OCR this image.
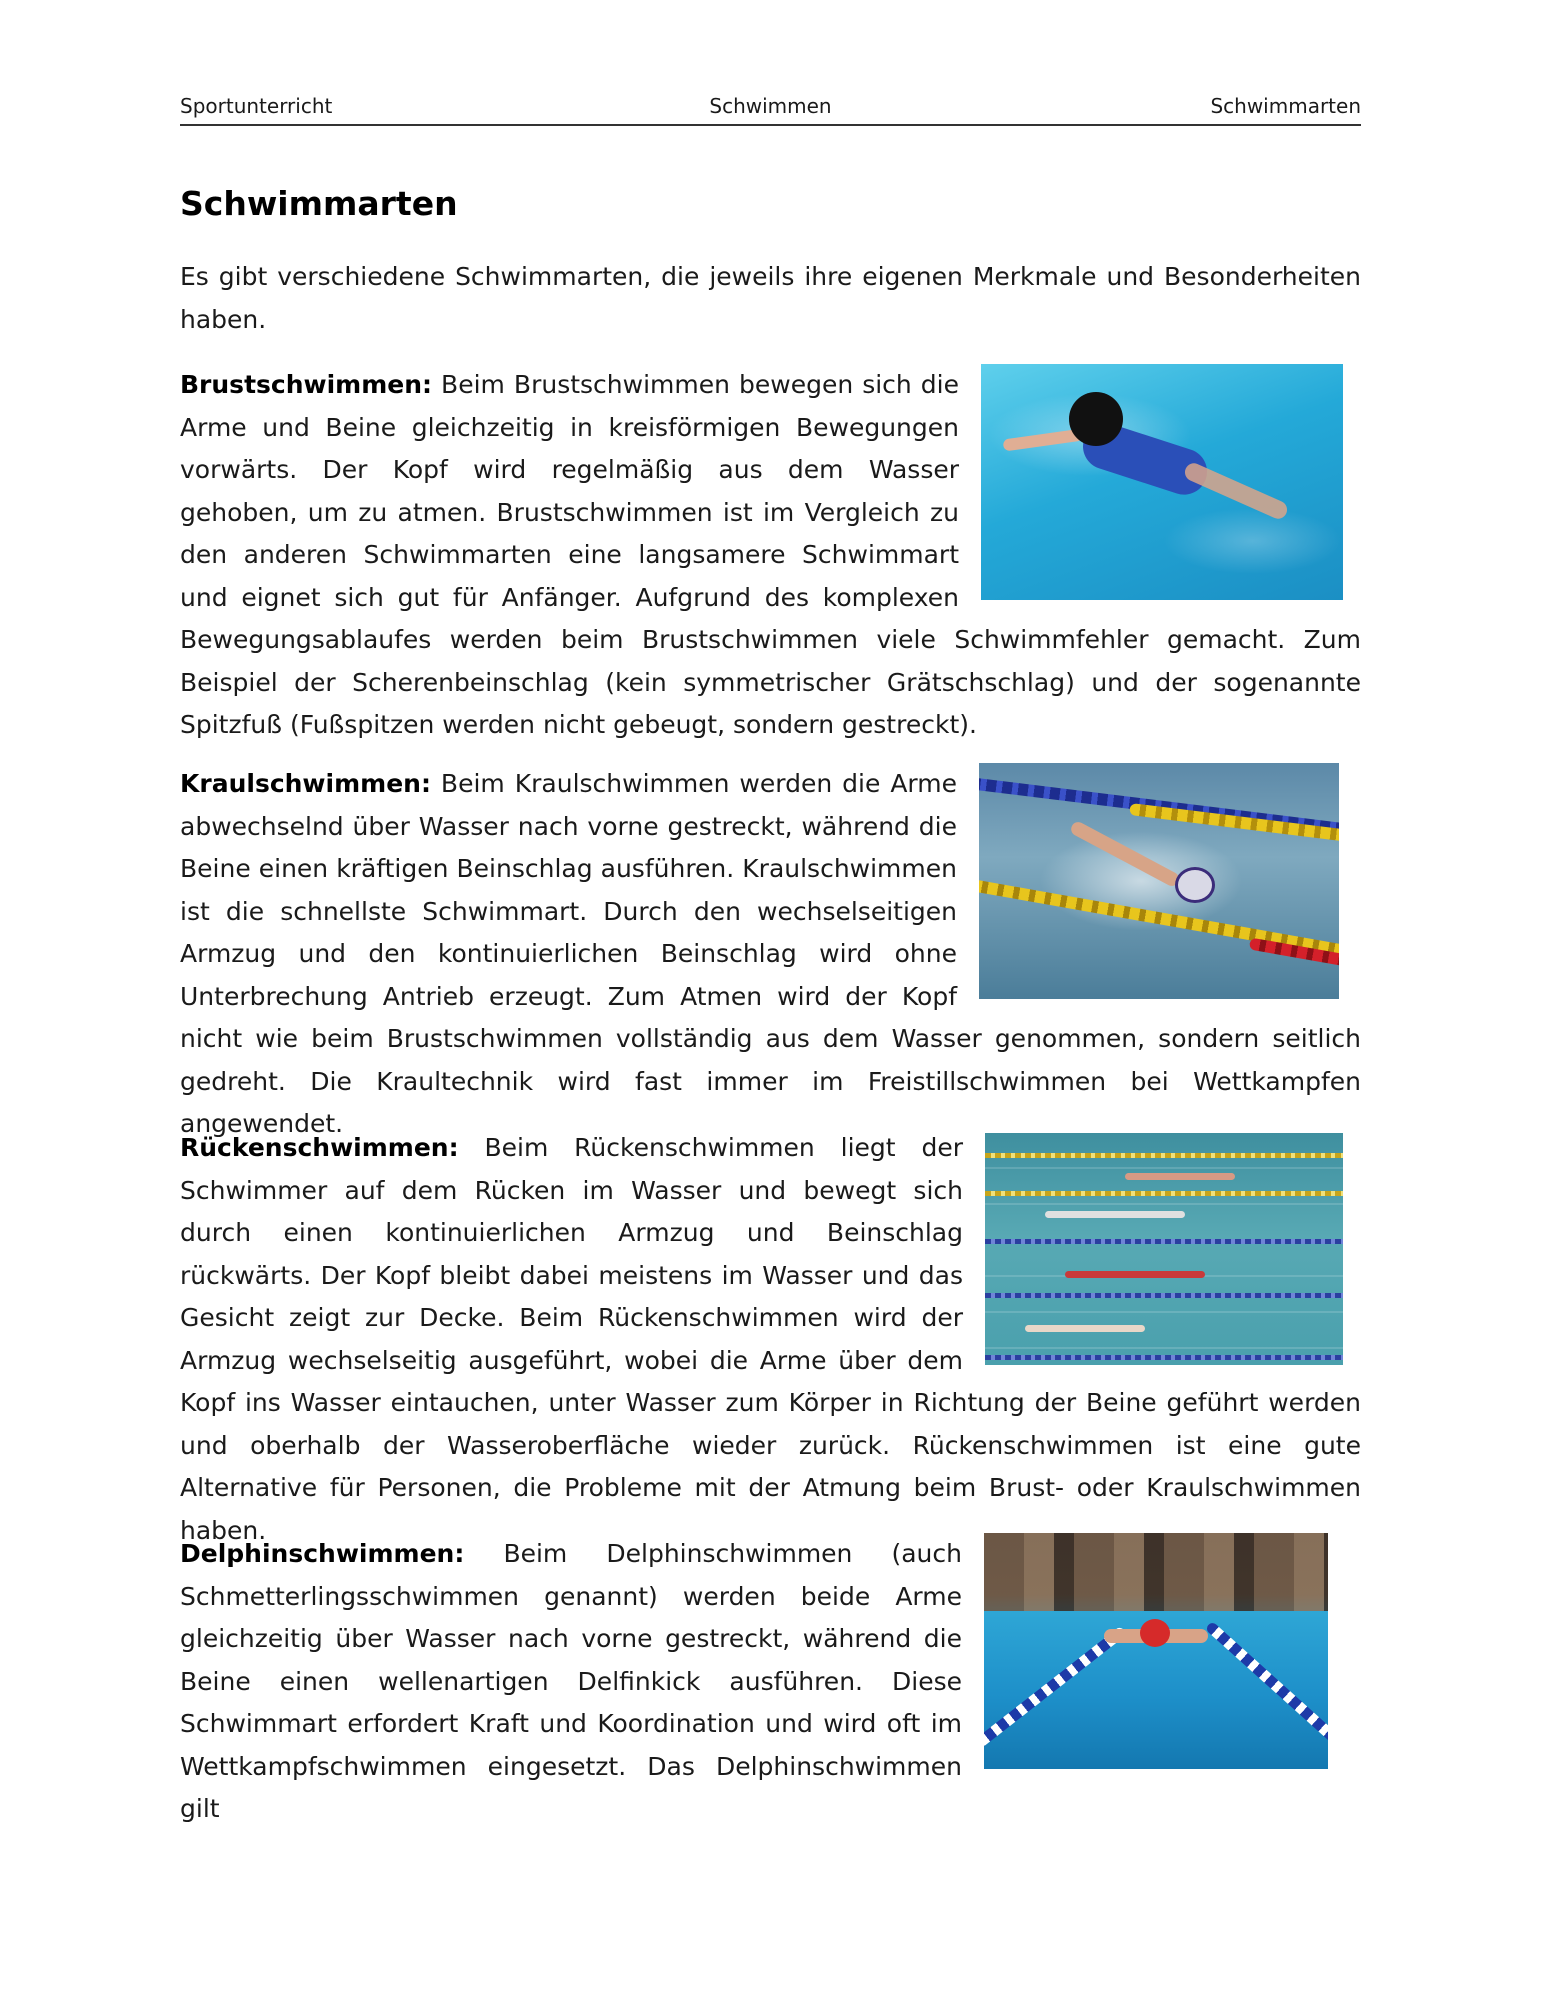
Sportunterricht	Schwimmen	Schwimmarten
Schwimmarten

Es gibt verschiedene Schwimmarten, die jeweils ihre eigenen Merkmale und Besonderheiten haben.

Brustschwimmen: Beim Brustschwimmen bewegen sich die Arme und Beine gleichzeitig in kreisförmigen Bewegungen vorwärts. Der Kopf wird regelmäßig aus dem Wasser gehoben, um zu atmen. Brustschwimmen ist im Vergleich zu den anderen Schwimmarten eine langsamere Schwimmart und eignet sich gut für Anfänger. Aufgrund des komplexen Bewegungsablaufes werden beim Brustschwimmen viele Schwimmfehler gemacht. Zum Beispiel der Scherenbeinschlag (kein symmetrischer Grätschschlag) und der sogenannte Spitzfuß (Fußspitzen werden nicht gebeugt, sondern gestreckt).
Kraulschwimmen: Beim Kraulschwimmen werden die Arme abwechselnd über Wasser nach vorne gestreckt, während die Beine einen kräftigen Beinschlag ausführen. Kraulschwimmen ist die schnellste Schwimmart. Durch den wechselseitigen Armzug und den kontinuierlichen Beinschlag wird ohne Unterbrechung Antrieb erzeugt. Zum Atmen wird der Kopf nicht wie beim Brustschwimmen vollständig aus dem Wasser genommen, sondern seitlich gedreht. Die Kraultechnik wird fast immer im Freistillschwimmen bei Wettkampfen angewendet.
Rückenschwimmen: Beim Rückenschwimmen liegt der Schwimmer auf dem Rücken im Wasser und bewegt sich durch einen kontinuierlichen Armzug und Beinschlag rückwärts. Der Kopf bleibt dabei meistens im Wasser und das Gesicht zeigt zur Decke. Beim Rückenschwimmen wird der Armzug wechselseitig ausgeführt, wobei die Arme über dem Kopf ins Wasser eintauchen, unter Wasser zum Körper in Richtung der Beine geführt werden und oberhalb der Wasseroberfläche wieder zurück. Rückenschwimmen ist eine gute Alternative für Personen, die Probleme mit der Atmung beim Brust- oder Kraulschwimmen haben.
Delphinschwimmen: Beim Delphinschwimmen (auch Schmetterlingsschwimmen genannt) werden beide Arme gleichzeitig über Wasser nach vorne gestreckt, während die Beine einen wellenartigen Delfinkick ausführen. Diese Schwimmart erfordert Kraft und Koordination und wird oft im Wettkampfschwimmen eingesetzt. Das Delphinschwimmen gilt
